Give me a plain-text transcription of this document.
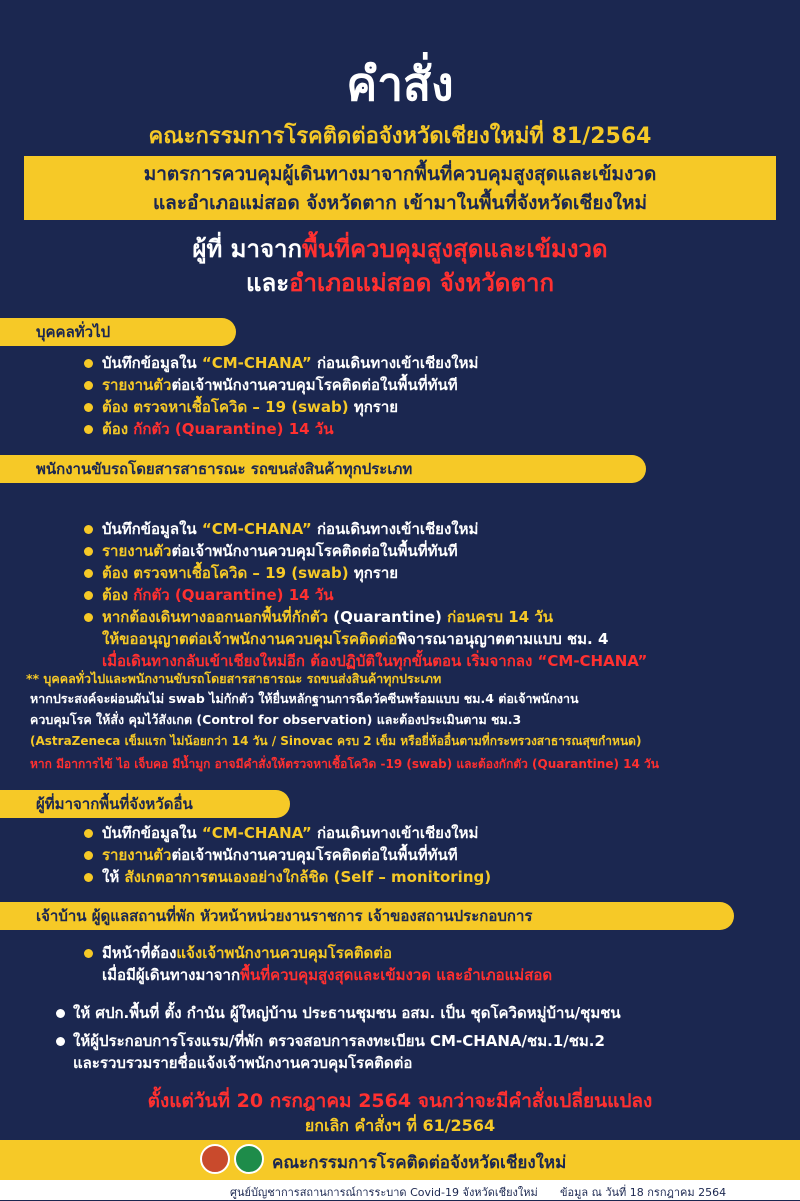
คำสั่ง
คณะกรรมการโรคติดต่อจังหวัดเชียงใหม่ที่ 81/2564
มาตรการควบคุมผู้เดินทางมาจากพื้นที่ควบคุมสูงสุดและเข้มงวด
และอำเภอแม่สอด จังหวัดตาก เข้ามาในพื้นที่จังหวัดเชียงใหม่
ผู้ที่ มาจากพื้นที่ควบคุมสูงสุดและเข้มงวด
และอำเภอแม่สอด จังหวัดตาก
บุคคลทั่วไป
บันทึกข้อมูลใน “CM-CHANA” ก่อนเดินทางเข้าเชียงใหม่
รายงานตัวต่อเจ้าพนักงานควบคุมโรคติดต่อในพื้นที่ทันที
ต้อง ตรวจหาเชื้อโควิด – 19 (swab) ทุกราย
ต้อง กักตัว (Quarantine) 14 วัน
พนักงานขับรถโดยสารสาธารณะ รถขนส่งสินค้าทุกประเภท
บันทึกข้อมูลใน “CM-CHANA” ก่อนเดินทางเข้าเชียงใหม่
รายงานตัวต่อเจ้าพนักงานควบคุมโรคติดต่อในพื้นที่ทันที
ต้อง ตรวจหาเชื้อโควิด – 19 (swab) ทุกราย
ต้อง กักตัว (Quarantine) 14 วัน
หากต้องเดินทางออกนอกพื้นที่กักตัว (Quarantine) ก่อนครบ 14 วัน
ให้ขออนุญาตต่อเจ้าพนักงานควบคุมโรคติดต่อพิจารณาอนุญาตตามแบบ ชม. 4
เมื่อเดินทางกลับเข้าเชียงใหม่อีก ต้องปฏิบัติในทุกขั้นตอน เริ่มจากลง “CM-CHANA”
** บุคคลทั่วไปและพนักงานขับรถโดยสารสาธารณะ รถขนส่งสินค้าทุกประเภท
หากประสงค์จะผ่อนผันไม่ swab ไม่กักตัว ให้ยื่นหลักฐานการฉีดวัคซีนพร้อมแบบ ชม.4 ต่อเจ้าพนักงาน
ควบคุมโรค ให้สั่ง คุมไว้สังเกต (Control for observation) และต้องประเมินตาม ชม.3
(AstraZeneca เข็มแรก ไม่น้อยกว่า 14 วัน / Sinovac ครบ 2 เข็ม หรือยี่ห้ออื่นตามที่กระทรวงสาธารณสุขกำหนด)
หาก มีอาการไข้ ไอ เจ็บคอ มีน้ำมูก อาจมีคำสั่งให้ตรวจหาเชื้อโควิด -19 (swab) และต้องกักตัว (Quarantine) 14 วัน
ผู้ที่มาจากพื้นที่จังหวัดอื่น
บันทึกข้อมูลใน “CM-CHANA” ก่อนเดินทางเข้าเชียงใหม่
รายงานตัวต่อเจ้าพนักงานควบคุมโรคติดต่อในพื้นที่ทันที
ให้ สังเกตอาการตนเองอย่างใกล้ชิด (Self – monitoring)
เจ้าบ้าน ผู้ดูแลสถานที่พัก หัวหน้าหน่วยงานราชการ เจ้าของสถานประกอบการ
มีหน้าที่ต้องแจ้งเจ้าพนักงานควบคุมโรคติดต่อ
เมื่อมีผู้เดินทางมาจากพื้นที่ควบคุมสูงสุดและเข้มงวด และอำเภอแม่สอด
ให้ ศปก.พื้นที่ ตั้ง กำนัน ผู้ใหญ่บ้าน ประธานชุมชน อสม. เป็น ชุดโควิดหมู่บ้าน/ชุมชน
ให้ผู้ประกอบการโรงแรม/ที่พัก ตรวจสอบการลงทะเบียน CM-CHANA/ชม.1/ชม.2
และรวบรวมรายชื่อแจ้งเจ้าพนักงานควบคุมโรคติดต่อ
ตั้งแต่วันที่ 20 กรกฎาคม 2564 จนกว่าจะมีคำสั่งเปลี่ยนแปลง
ยกเลิก คำสั่งฯ ที่ 61/2564
คณะกรรมการโรคติดต่อจังหวัดเชียงใหม่
ศูนย์บัญชาการสถานการณ์การระบาด Covid-19 จังหวัดเชียงใหม่ ข้อมูล ณ วันที่ 18 กรกฎาคม 2564
